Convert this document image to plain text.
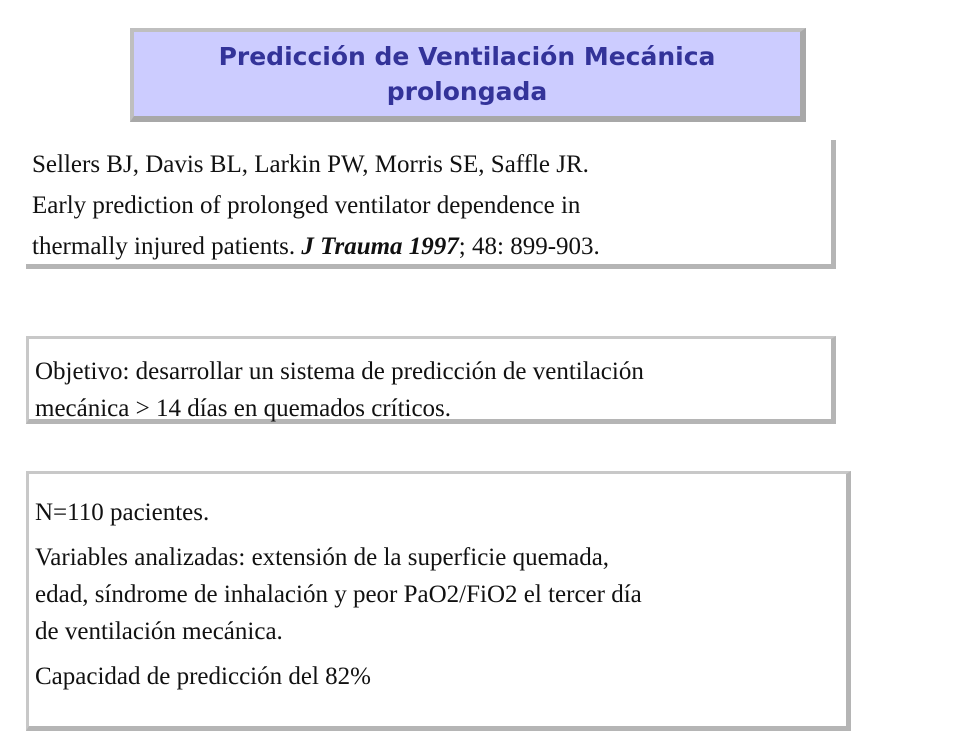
Predicción de Ventilación Mecánica
prolongada

Sellers BJ, Davis BL, Larkin PW, Morris SE, Saffle JR.
Early prediction of prolonged ventilator dependence in
thermally injured patients. J Trauma 1997; 48: 899-903.

Objetivo: desarrollar un sistema de predicción de ventilación
mecánica > 14 días en quemados críticos.

N=110 pacientes.

Variables analizadas: extensión de la superficie quemada,
edad, síndrome de inhalación y peor PaO2/FiO2 el tercer día
de ventilación mecánica.

Capacidad de predicción del 82%
